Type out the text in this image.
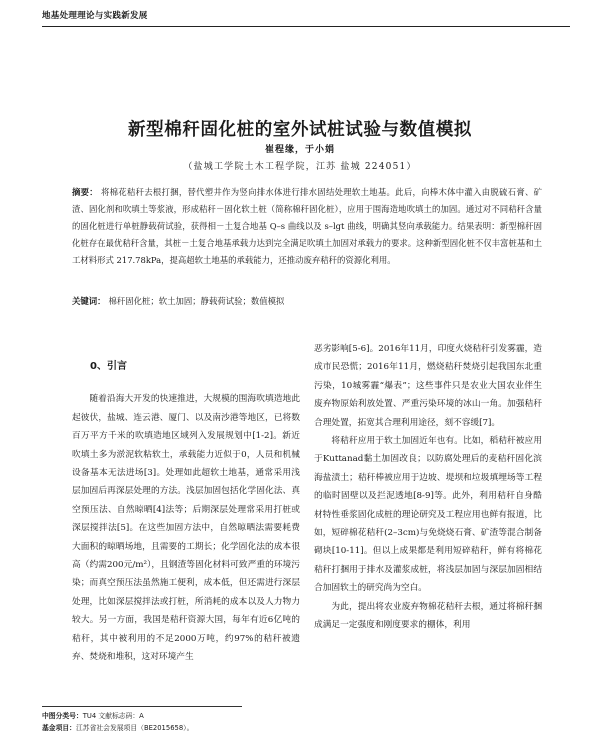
地基处理理论与实践新发展
新型棉秆固化桩的室外试桩试验与数值模拟
崔程缘，于小娟
（盐城工学院土木工程学院，江苏 盐城 224051）
摘要： 将棉花秸秆去根打捆，替代塑井作为竖向排水体进行排水固结处理软土地基。此后，向棒木体中灌入由脱硫石膏、矿渣、固化剂和吹填土等浆液，形成秸秆－固化软土桩（简称棉秆固化桩），应用于围海造地吹填土的加固。通过对不同秸秆含量的固化桩进行单桩静载荷试验，获得相－土复合地基 Q–s 曲线以及 s–lgt 曲线，明确其竖向承载能力。结果表明：新型棉秆固化桩存在最优秸秆含量，其桩－土复合地基承载力达到完全满足吹填土加固对承载力的要求。这种新型固化桩不仅丰富桩基和土工材料形式 217.78kPa，提高超软土地基的承载能力，还推动废弃秸秆的资源化利用。
关键词： 棉秆固化桩；软土加固；静载荷试验；数值模拟
0、引言

随着沿海大开发的快速推进，大规模的围海吹填造地此起彼伏，盐城、连云港、厦门、以及南沙港等地区，已将数百万平方千米的吹填造地区域列入发展规划中[1-2]。新近吹填土多为淤泥软粘软土，承载能力近似于0，人员和机械设备基本无法进场[3]。处理如此超软土地基，通常采用浅层加固后再深层处理的方法。浅层加固包括化学固化法、真空预压法、自然晾晒[4]法等；后期深层处理常采用打桩或深层搅拌法[5]。在这些加固方法中，自然晾晒法需要耗费大面积的晾晒场地，且需要的工期长；化学固化法的成本很高（约需200元/m²），且钢渣等固化材料可致严重的环境污染；而真空预压法虽然施工便利，成本低，但还需进行深层处理，比如深层搅拌法或打桩，所消耗的成本以及人力物力较大。另一方面，我国是秸秆资源大国，每年有近6亿吨的秸秆，其中被利用的不足2000万吨，约97%的秸秆被遗弃、焚烧和堆积，这对环境产生

恶劣影响[5-6]。2016年11月，印度火烧秸秆引发雾霾，造成市民恐慌；2016年11月，燃烧秸秆焚烧引起我国东北重污染，10城雾霾“爆表”；这些事件只是农业大国农业伴生废弃物原始利放处置、严重污染环境的冰山一角。加强秸秆合理处置，拓宽其合理利用途径，刻不容缓[7]。

将秸秆应用于软土加固近年也有。比如，稻秸秆被应用于Kuttanad黏土加固改良；以防腐处理后的麦秸秆固化滨海盐渍土；秸秆棒被应用于边坡、堤坝和垃圾填埋场等工程的临时固壁以及拦泥透地[8-9]等。此外，利用秸秆自身酷材特性垂浆固化成桩的理论研究及工程应用也鲜有报道，比如，短碎棉花秸秆(2–3cm)与免烧烧石膏、矿渣等混合制备砌块[10-11]。但以上成果都是利用短碎秸秆，鲜有将棉花秸秆打捆用于排水及灌浆成桩，将浅层加固与深层加固相结合加固软土的研究尚为空白。

为此，提出将农业废弃物棉花秸秆去根，通过将棉秆捆成满足一定强度和刚度要求的棚体，利用

中图分类号：TU4 文献标志码：A
基金项目：江苏省社会发展项目（BE2015658）。
